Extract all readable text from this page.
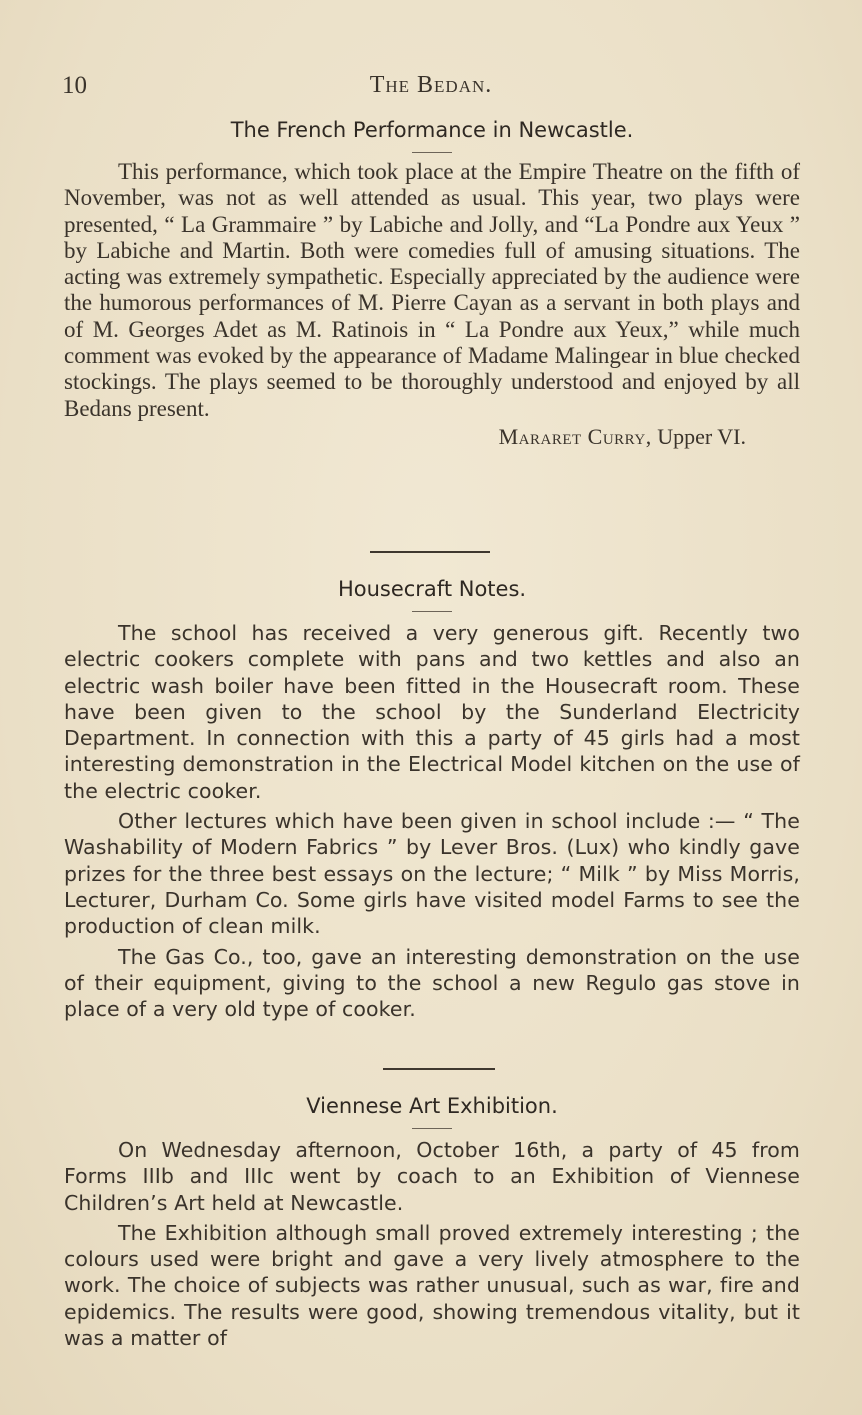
10	The Bedan.
The French Performance in Newcastle.

This performance, which took place at the Empire Theatre on the fifth of November, was not as well attended as usual. This year, two plays were presented, “ La Grammaire ” by Labiche and Jolly, and “La Pondre aux Yeux ” by Labiche and Martin. Both were comedies full of amusing situations. The acting was extremely sympathetic. Especially appreciated by the audience were the humorous performances of M. Pierre Cayan as a servant in both plays and of M. Georges Adet as M. Ratinois in “ La Pondre aux Yeux,” while much comment was evoked by the appearance of Madame Malingear in blue checked stockings. The plays seemed to be thoroughly understood and enjoyed by all Bedans present.

Mararet Curry, Upper VI.
Housecraft Notes.

The school has received a very generous gift. Recently two electric cookers complete with pans and two kettles and also an electric wash boiler have been fitted in the Housecraft room. These have been given to the school by the Sunderland Electricity Department. In connection with this a party of 45 girls had a most interesting demonstration in the Electrical Model kitchen on the use of the electric cooker.

Other lectures which have been given in school include :— “ The Washability of Modern Fabrics ” by Lever Bros. (Lux) who kindly gave prizes for the three best essays on the lecture; “ Milk ” by Miss Morris, Lecturer, Durham Co. Some girls have visited model Farms to see the production of clean milk.

The Gas Co., too, gave an interesting demonstration on the use of their equipment, giving to the school a new Regulo gas stove in place of a very old type of cooker.

Viennese Art Exhibition.

On Wednesday afternoon, October 16th, a party of 45 from Forms IIIb and IIIc went by coach to an Exhibition of Viennese Children’s Art held at Newcastle.

The Exhibition although small proved extremely interesting ; the colours used were bright and gave a very lively atmosphere to the work. The choice of subjects was rather unusual, such as war, fire and epidemics. The results were good, showing tremendous vitality, but it was a matter of
